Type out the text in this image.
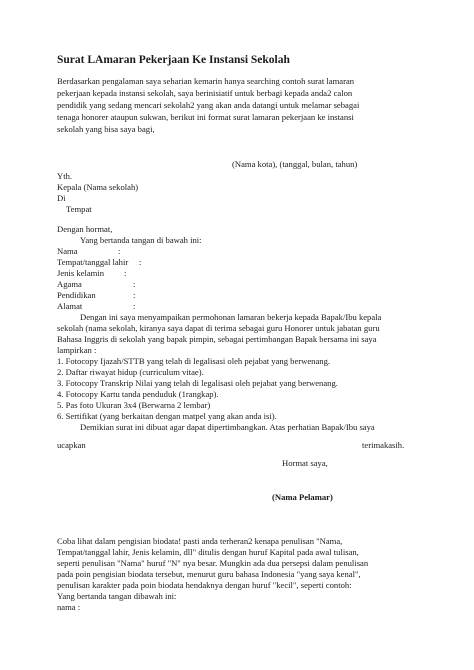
Surat LAmaran Pekerjaan Ke Instansi Sekolah
Berdasarkan pengalaman saya seharian kemarin hanya searching contoh surat lamaran
pekerjaan kepada instansi sekolah, saya berinisiatif untuk berbagi kepada anda2 calon
pendidik yang sedang mencari sekolah2 yang akan anda datangi untuk melamar sebagai
tenaga honorer ataupun sukwan, berikut ini format surat lamaran pekerjaan ke instansi
sekolah yang bisa saya bagi,
(Nama kota), (tanggal, bulan, tahun)
Yth.
Kepala (Nama sekolah)
Di
Tempat
Dengan hormat,
Yang bertanda tangan di bawah ini:
Nama	:
Tempat/tanggal lahir :
Jenis kelamin :
Agama	:
Pendidikan	:
Alamat	:
Dengan ini saya menyampaikan permohonan lamaran bekerja kepada Bapak/Ibu kepala
sekolah (nama sekolah, kiranya saya dapat di terima sebagai guru Honorer untuk jabatan guru
Bahasa Inggris di sekolah yang bapak pimpin, sebagai pertimbangan Bapak bersama ini saya
lampirkan :
1. Fotocopy Ijazah/STTB yang telah di legalisasi oleh pejabat yang berwenang.
2. Daftar riwayat hidup (curriculum vitae).
3. Fotocopy Transkrip Nilai yang telah di legalisasi oleh pejabat yang berwenang.
4. Fotocopy Kartu tanda penduduk (1rangkap).
5. Pas foto Ukuran 3x4 (Berwarna 2 lembar)
6. Sertifikat (yang berkaitan dengan matpel yang akan anda isi).
Demikian surat ini dibuat agar dapat dipertimbangkan. Atas perhatian Bapak/Ibu saya
ucapkan	terimakasih.
Hormat saya,
(Nama Pelamar)
Coba lihat dalam pengisian biodata! pasti anda terheran2 kenapa penulisan "Nama,
Tempat/tanggal lahir, Jenis kelamin, dll" ditulis dengan huruf Kapital pada awal tulisan,
seperti penulisan "Nama" huruf "N" nya besar. Mungkin ada dua persepsi dalam penulisan
pada poin pengisian biodata tersebut, menurut guru bahasa Indonesia "yang saya kenal",
penulisan karakter pada poin biodata hendaknya dengan huruf "kecil", seperti contoh:
Yang bertanda tangan dibawah ini:
nama :
